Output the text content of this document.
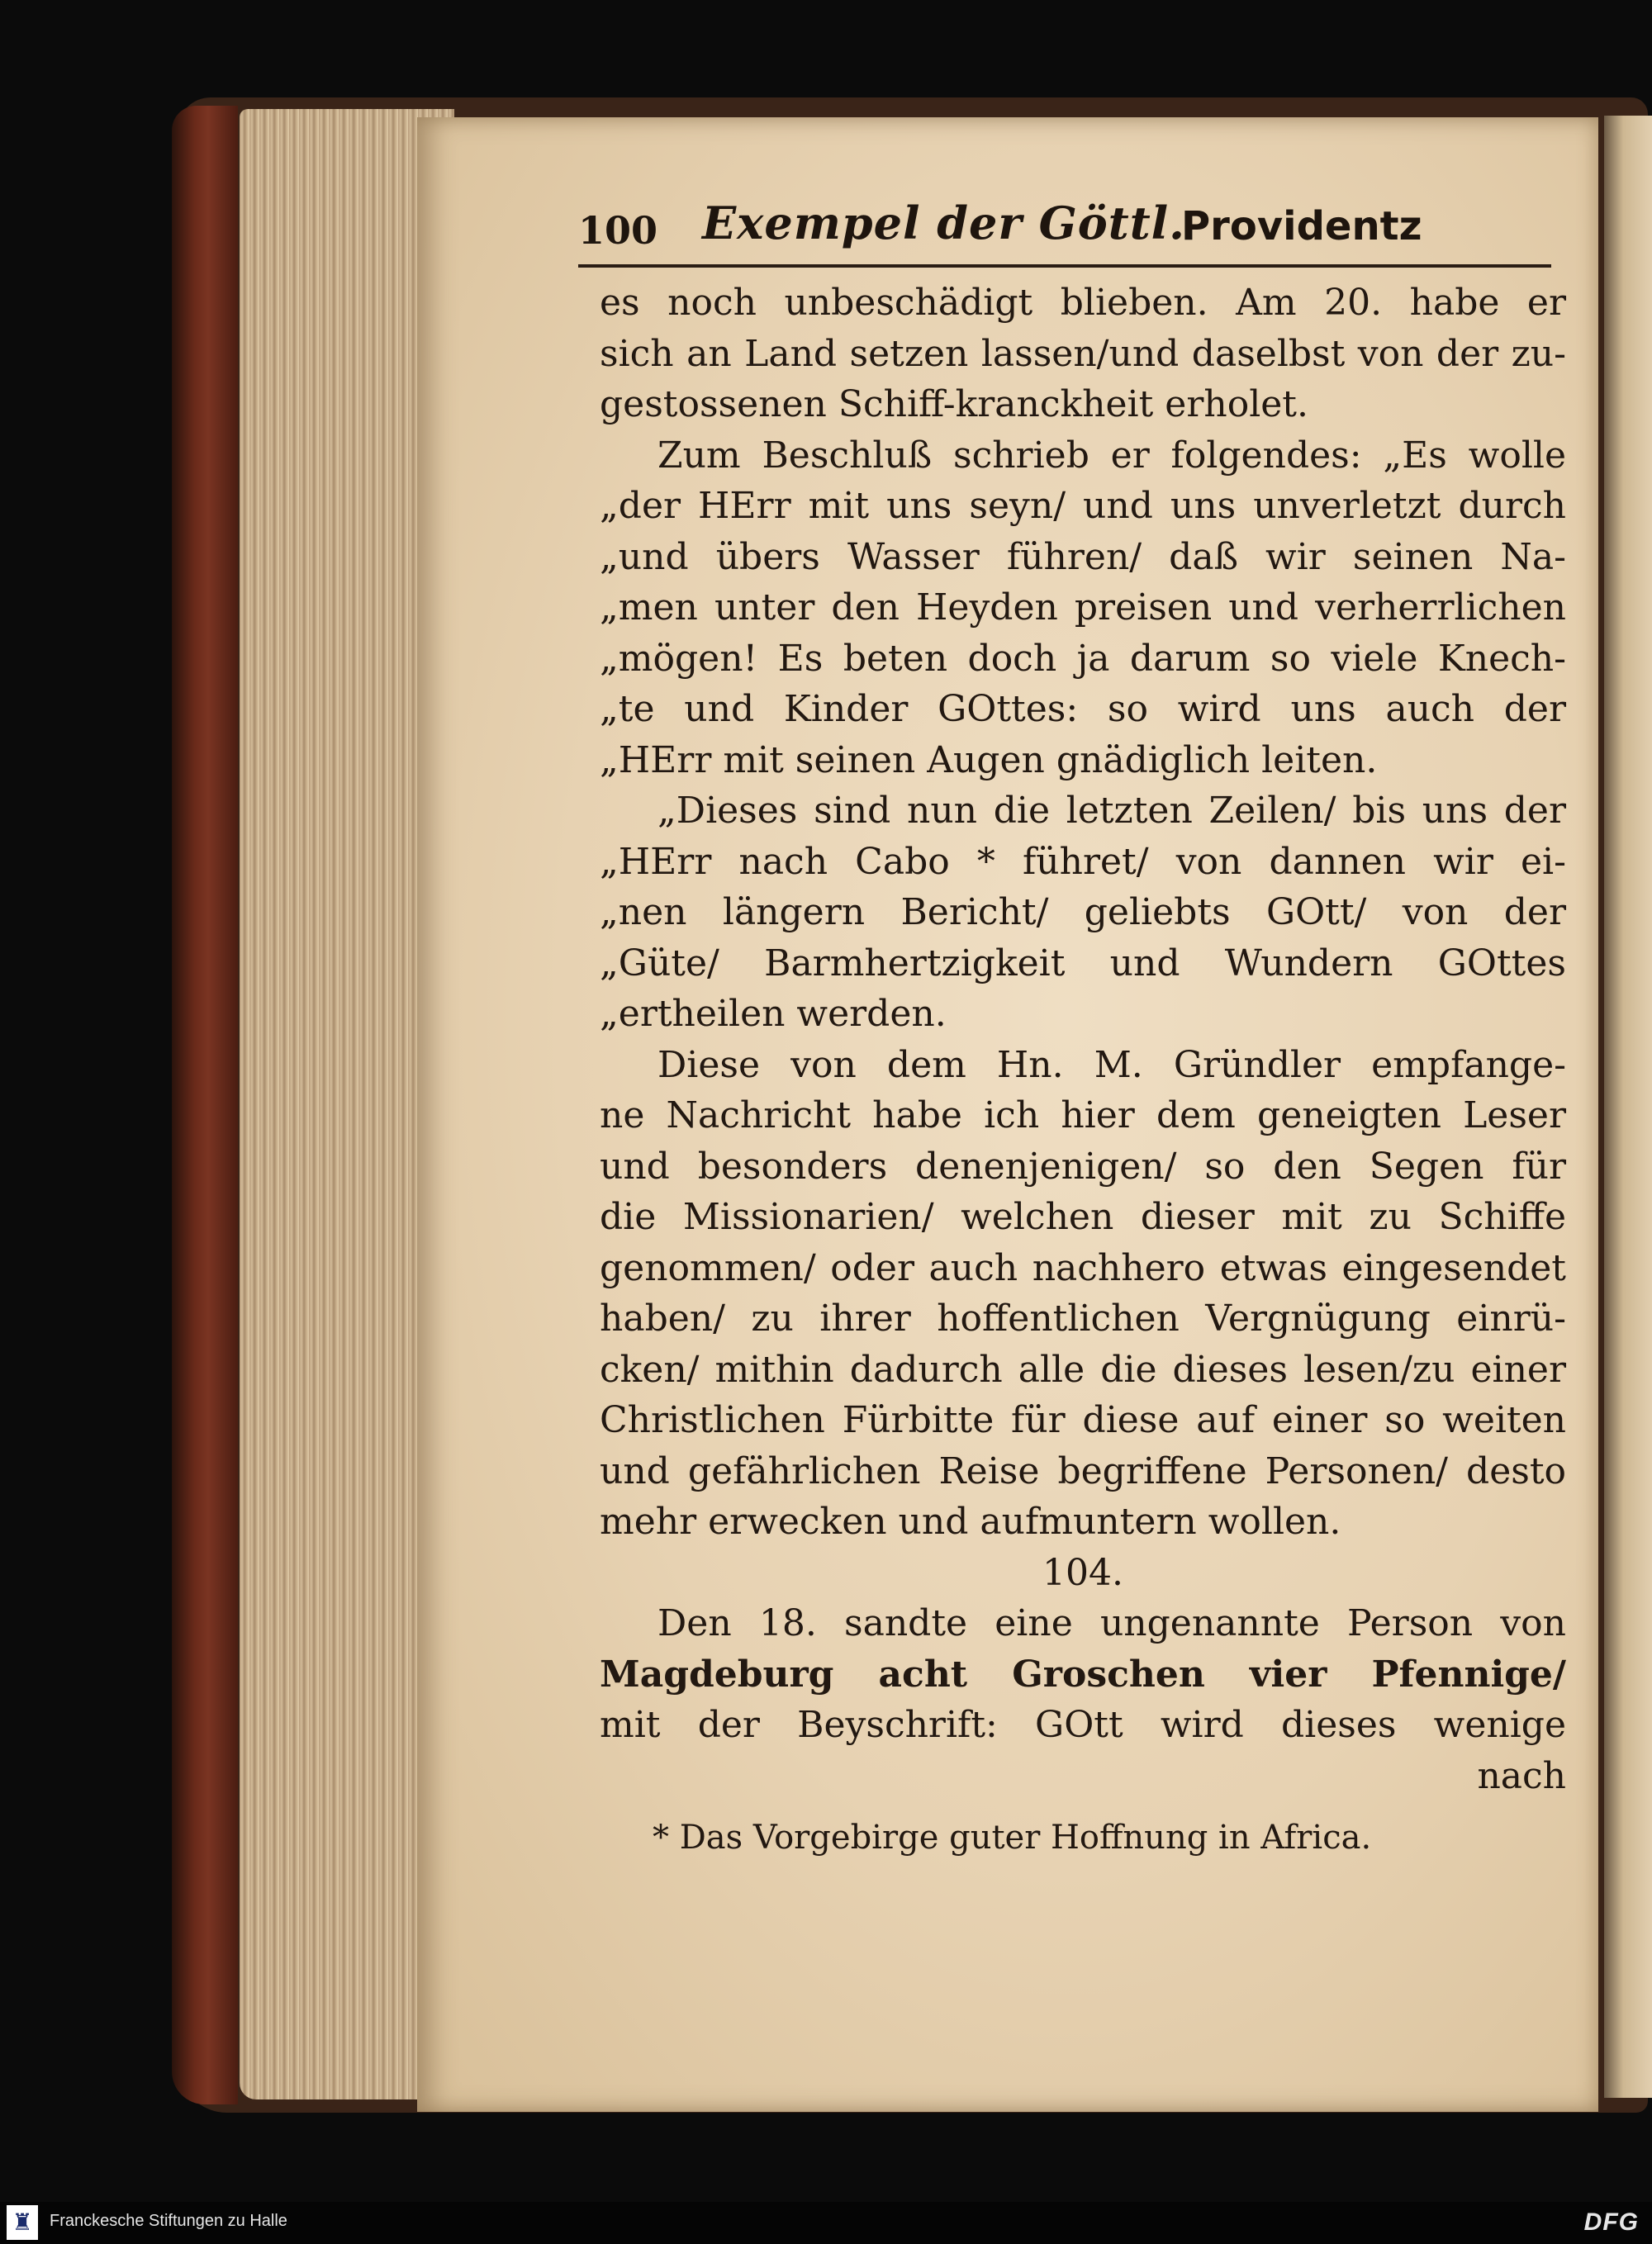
100 Exempel der Göttl.
Providentz
es noch unbeschädigt blieben. Am 20. habe er
sich an Land setzen lassen/und daselbst von der zu-
gestossenen Schiff-kranckheit erholet.
Zum Beschluß schrieb er folgendes: „Es wolle
„der HErr mit uns seyn/ und uns unverletzt durch
„und übers Wasser führen/ daß wir seinen Na-
„men unter den Heyden preisen und verherrlichen
„mögen! Es beten doch ja darum so viele Knech-
„te und Kinder GOttes: so wird uns auch der
„HErr mit seinen Augen gnädiglich leiten.
„Dieses sind nun die letzten Zeilen/ bis uns der
„HErr nach Cabo * führet/ von dannen wir ei-
„nen längern Bericht/ geliebts GOtt/ von der
„Güte/ Barmhertzigkeit und Wundern GOttes
„ertheilen werden.
Diese von dem Hn. M. Gründler empfange-
ne Nachricht habe ich hier dem geneigten Leser
und besonders denenjenigen/ so den Segen für
die Missionarien/ welchen dieser mit zu Schiffe
genommen/ oder auch nachhero etwas eingesendet
haben/ zu ihrer hoffentlichen Vergnügung einrü-
cken/ mithin dadurch alle die dieses lesen/zu einer
Christlichen Fürbitte für diese auf einer so weiten
und gefährlichen Reise begriffene Personen/ desto
mehr erwecken und aufmuntern wollen.
104.
Den 18. sandte eine ungenannte Person von
Magdeburg acht Groschen vier Pfennige/
mit der Beyschrift: GOtt wird dieses wenige
nach
* Das Vorgebirge guter Hoffnung in Africa.
♜	Franckesche Stiftungen zu Halle	DFG
